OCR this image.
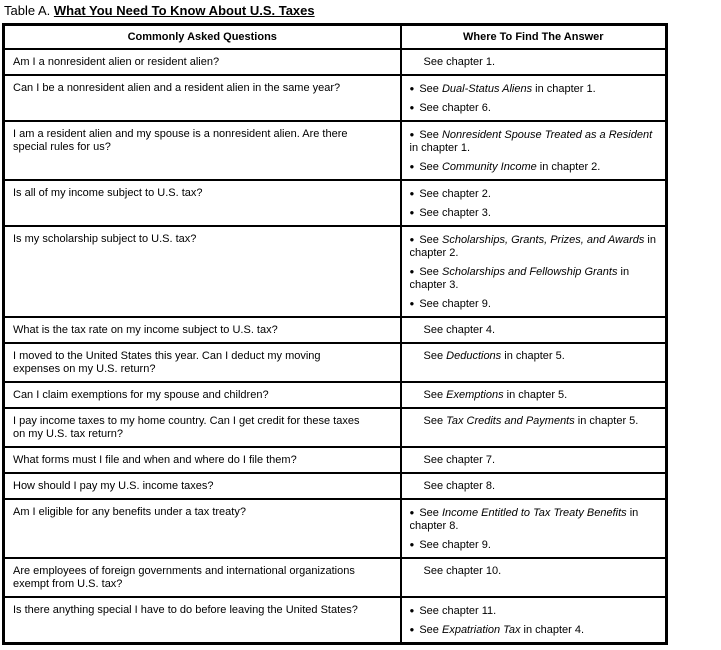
Table A. What You Need To Know About U.S. Taxes
Commonly Asked Questions	Where To Find The Answer
Am I a nonresident alien or resident alien?	See chapter 1.

Can I be a nonresident alien and a resident alien in the same year?	● See Dual-Status Aliens in chapter 1.
● See chapter 6.

I am a resident alien and my spouse is a nonresident alien. Are there special rules for us?	● See Nonresident Spouse Treated as a Resident in chapter 1.
● See Community Income in chapter 2.

Is all of my income subject to U.S. tax?	● See chapter 2.
● See chapter 3.

Is my scholarship subject to U.S. tax?	● See Scholarships, Grants, Prizes, and Awards in chapter 2.
● See Scholarships and Fellowship Grants in chapter 3.
● See chapter 9.

What is the tax rate on my income subject to U.S. tax?	See chapter 4.

I moved to the United States this year. Can I deduct my moving expenses on my U.S. return?	See Deductions in chapter 5.

Can I claim exemptions for my spouse and children?	See Exemptions in chapter 5.

I pay income taxes to my home country. Can I get credit for these taxes on my U.S. tax return?	See Tax Credits and Payments in chapter 5.

What forms must I file and when and where do I file them?	See chapter 7.

How should I pay my U.S. income taxes?	See chapter 8.

Am I eligible for any benefits under a tax treaty?	● See Income Entitled to Tax Treaty Benefits in chapter 8.
● See chapter 9.

Are employees of foreign governments and international organizations exempt from U.S. tax?	See chapter 10.

Is there anything special I have to do before leaving the United States?	● See chapter 11.
● See Expatriation Tax in chapter 4.
